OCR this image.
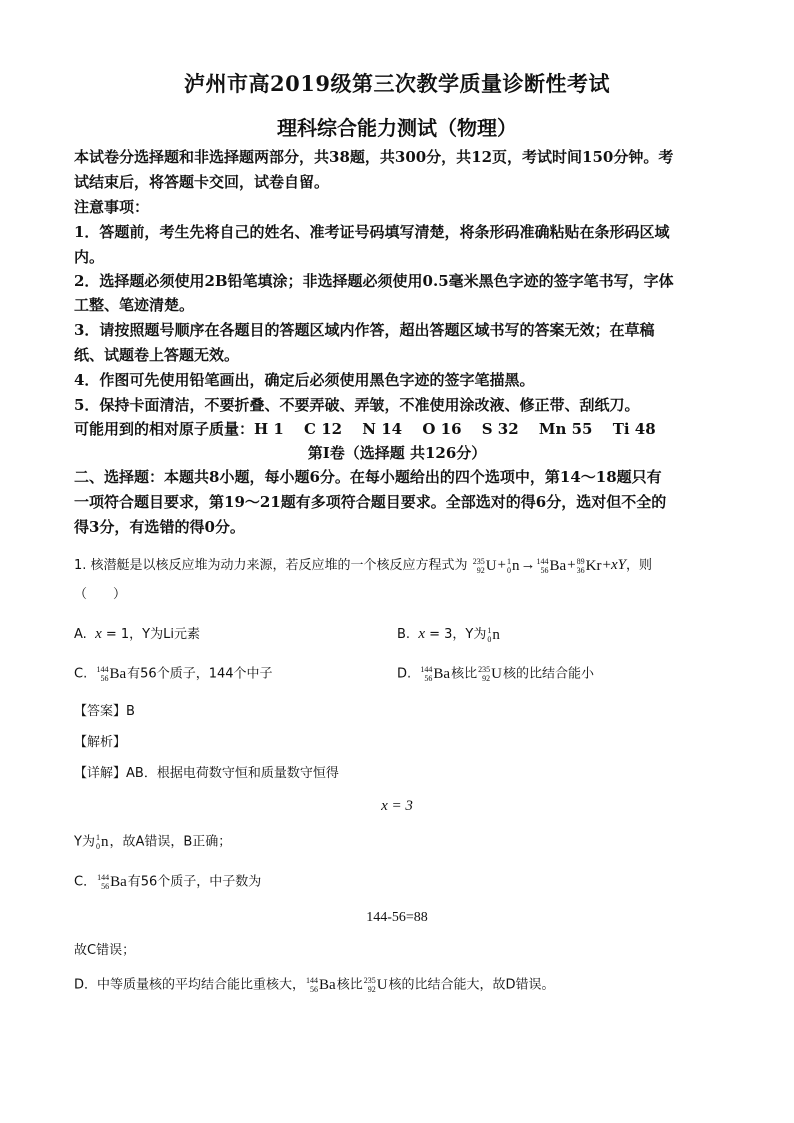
泸州市高2019级第三次教学质量诊断性考试
理科综合能力测试（物理）
本试卷分选择题和非选择题两部分，共38题，共300分，共12页，考试时间150分钟。考
试结束后，将答题卡交回，试卷自留。
注意事项：
1．答题前，考生先将自己的姓名、准考证号码填写清楚，将条形码准确粘贴在条形码区域
内。
2．选择题必须使用2B铅笔填涂；非选择题必须使用0.5毫米黑色字迹的签字笔书写，字体
工整、笔迹清楚。
3．请按照题号顺序在各题目的答题区域内作答，超出答题区域书写的答案无效；在草稿
纸、试题卷上答题无效。
4．作图可先使用铅笔画出，确定后必须使用黑色字迹的签字笔描黑。
5．保持卡面清洁，不要折叠、不要弄破、弄皱，不准使用涂改液、修正带、刮纸刀。
可能用到的相对原子质量：H 1　 C 12　 N 14　 O 16　 S 32　 Mn 55　 Ti 48
第I卷（选择题 共126分）
二、选择题：本题共8小题，每小题6分。在每小题给出的四个选项中，第14～18题只有
一项符合题目要求，第19～21题有多项符合题目要求。全部选对的得6分，选对但不全的
得3分，有选错的得0分。
1. 核潜艇是以核反应堆为动力来源，若反应堆的一个核反应方程式为 235
92 U + 1
0 n → 144
56 Ba + 89
36 Kr +xY，则
（　　）
A. x = 1，Y为Li元素	B. x = 3，Y为 1
0 n
C. 144
56 Ba 有56个质子，144个中子	D. 144
56 Ba 核比 235
92 U 核的比结合能小
【答案】B
【解析】
【详解】AB．根据电荷数守恒和质量数守恒得
x = 3
Y为 1
0 n ，故A错误，B正确；
C． 144
56 Ba 有56个质子，中子数为
144-56=88
故C错误；
D．中等质量核的平均结合能比重核大， 144
56 Ba 核比 235
92 U 核的比结合能大，故D错误。
